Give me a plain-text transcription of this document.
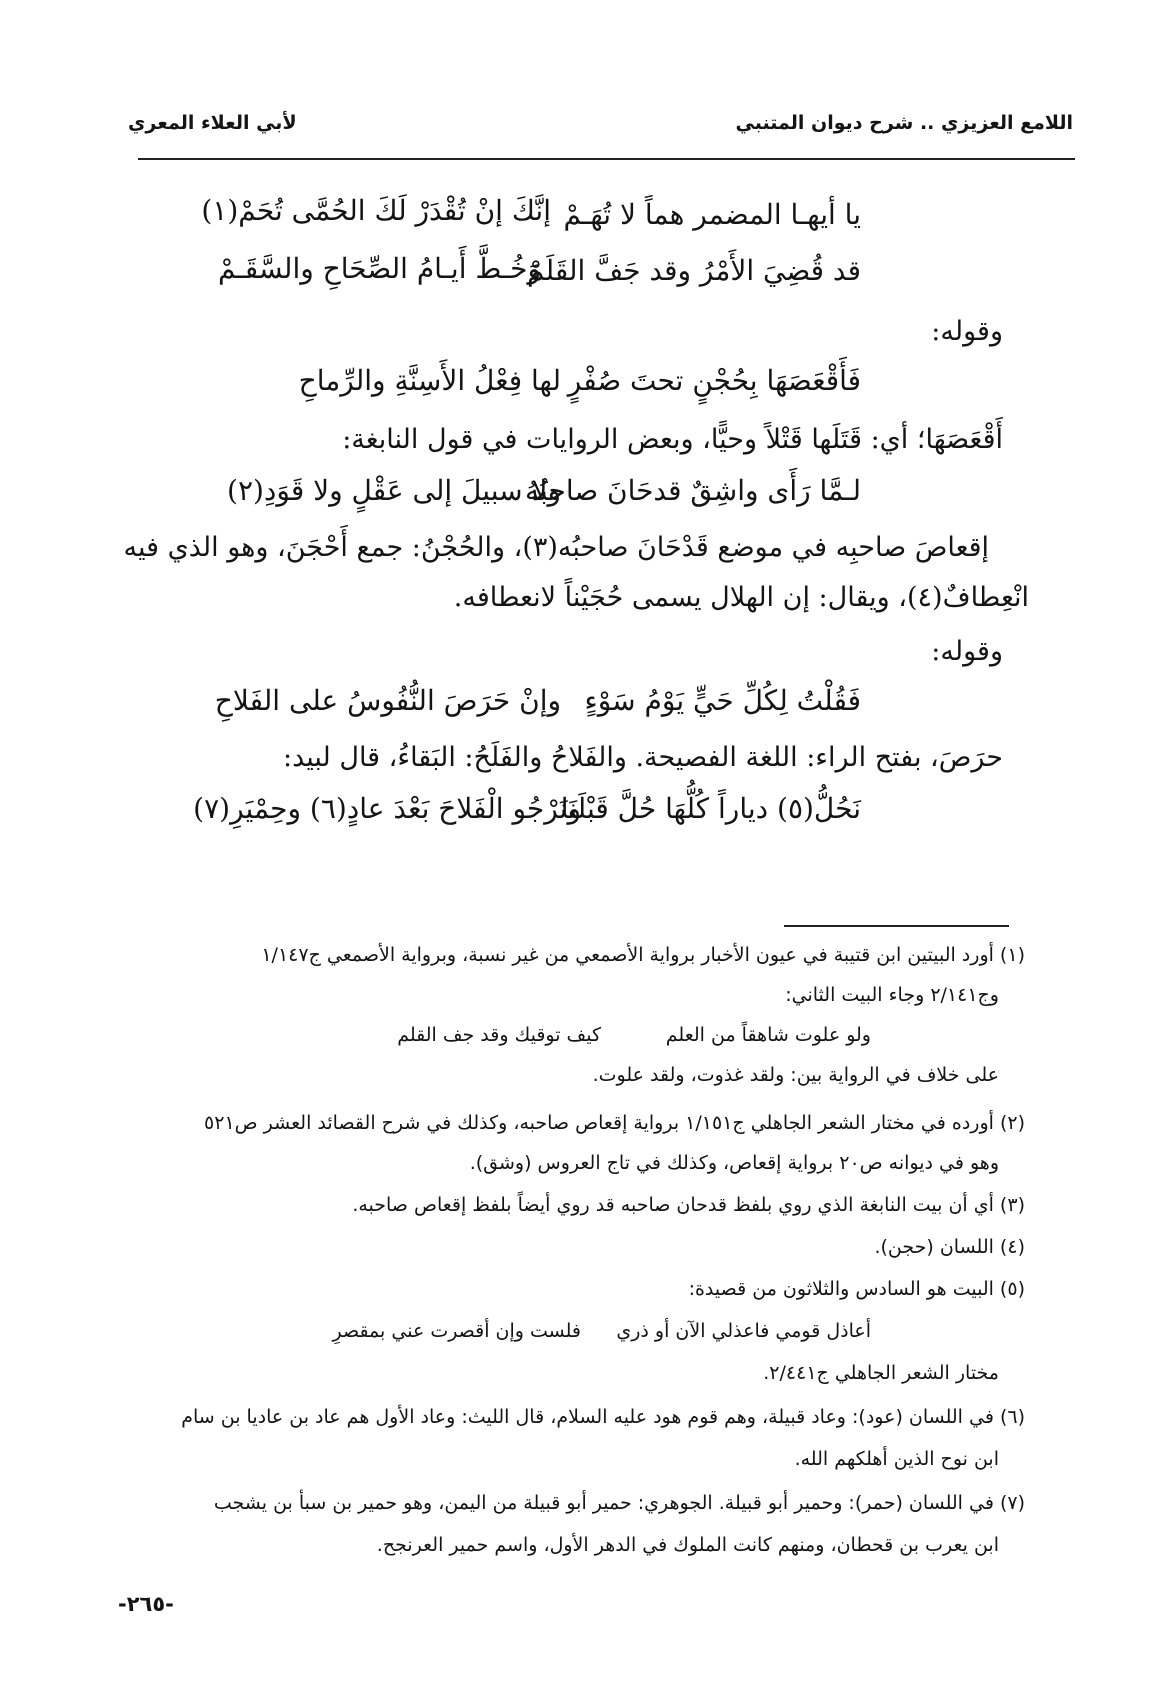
اللامع العزيزي .. شرح ديوان المتنبي
لأبي العلاء المعري
يا أيهـا المضمر هماً لا تُهَـمْ
إنَّكَ إنْ تُقْدَرْ لَكَ الحُمَّى تُحَمْ(١)
قد قُضِيَ الأَمْرُ وقد جَفَّ القَلَمْ
وَخُـطَّ أَيـامُ الصِّحَاحِ والسَّقَـمْ
وقوله:
فَأَقْعَصَهَا بِحُجْنٍ تحتَ صُفْرٍ
لها فِعْلُ الأَسِنَّةِ والرِّماحِ
أَقْعَصَهَا؛ أي: قَتَلَها قَتْلاً وحيًّا، وبعض الروايات في قول النابغة:
لـمَّا رَأَى واشِقٌ قدحَانَ صاحبُهُ
ولا سبيلَ إلى عَقْلٍ ولا قَوَدِ(٢)
إقعاصَ صاحبِه في موضع قَدْحَانَ صاحبُه(٣)، والحُجْنُ: جمع أَحْجَنَ، وهو الذي فيه
انْعِطافٌ(٤)، ويقال: إن الهلال يسمى حُجَيْناً لانعطافه.
وقوله:
فَقُلْتُ لِكُلِّ حَيٍّ يَوْمُ سَوْءٍ
وإنْ حَرَصَ النُّفُوسُ على الفَلاحِ
حرَصَ، بفتح الراء: اللغة الفصيحة. والفَلاحُ والفَلَحُ: البَقاءُ، قال لبيد:
نَحُلُّ(٥) دياراً كُلُّهَا حُلَّ قَبْلَنَا
ونَرْجُو الْفَلاحَ بَعْدَ عادٍ(٦) وحِمْيَرِ(٧)
(١) أورد البيتين ابن قتيبة في عيون الأخبار برواية الأصمعي من غير نسبة، وبرواية الأصمعي ج١/١٤٧
وج٢/١٤١ وجاء البيت الثاني:
ولو علوت شاهقاً من العلم
كيف توقيك وقد جف القلم
على خلاف في الرواية بين: ولقد غذوت، ولقد علوت.
(٢) أورده في مختار الشعر الجاهلي ج١/١٥١ برواية إقعاص صاحبه، وكذلك في شرح القصائد العشر ص٥٢١
وهو في ديوانه ص٢٠ برواية إقعاص، وكذلك في تاج العروس (وشق).
(٣) أي أن بيت النابغة الذي روي بلفظ قدحان صاحبه قد روي أيضاً بلفظ إقعاص صاحبه.
(٤) اللسان (حجن).
(٥) البيت هو السادس والثلاثون من قصيدة:
أعاذل قومي فاعذلي الآن أو ذري
فلست وإن أقصرت عني بمقصرِ
مختار الشعر الجاهلي ج٢/٤٤١.
(٦) في اللسان (عود): وعاد قبيلة، وهم قوم هود عليه السلام، قال الليث: وعاد الأول هم عاد بن عاديا بن سام
ابن نوح الذين أهلكهم الله.
(٧) في اللسان (حمر): وحمير أبو قبيلة. الجوهري: حمير أبو قبيلة من اليمن، وهو حمير بن سبأ بن يشجب
ابن يعرب بن قحطان، ومنهم كانت الملوك في الدهر الأول، واسم حمير العرنجح.
-٢٦٥-
